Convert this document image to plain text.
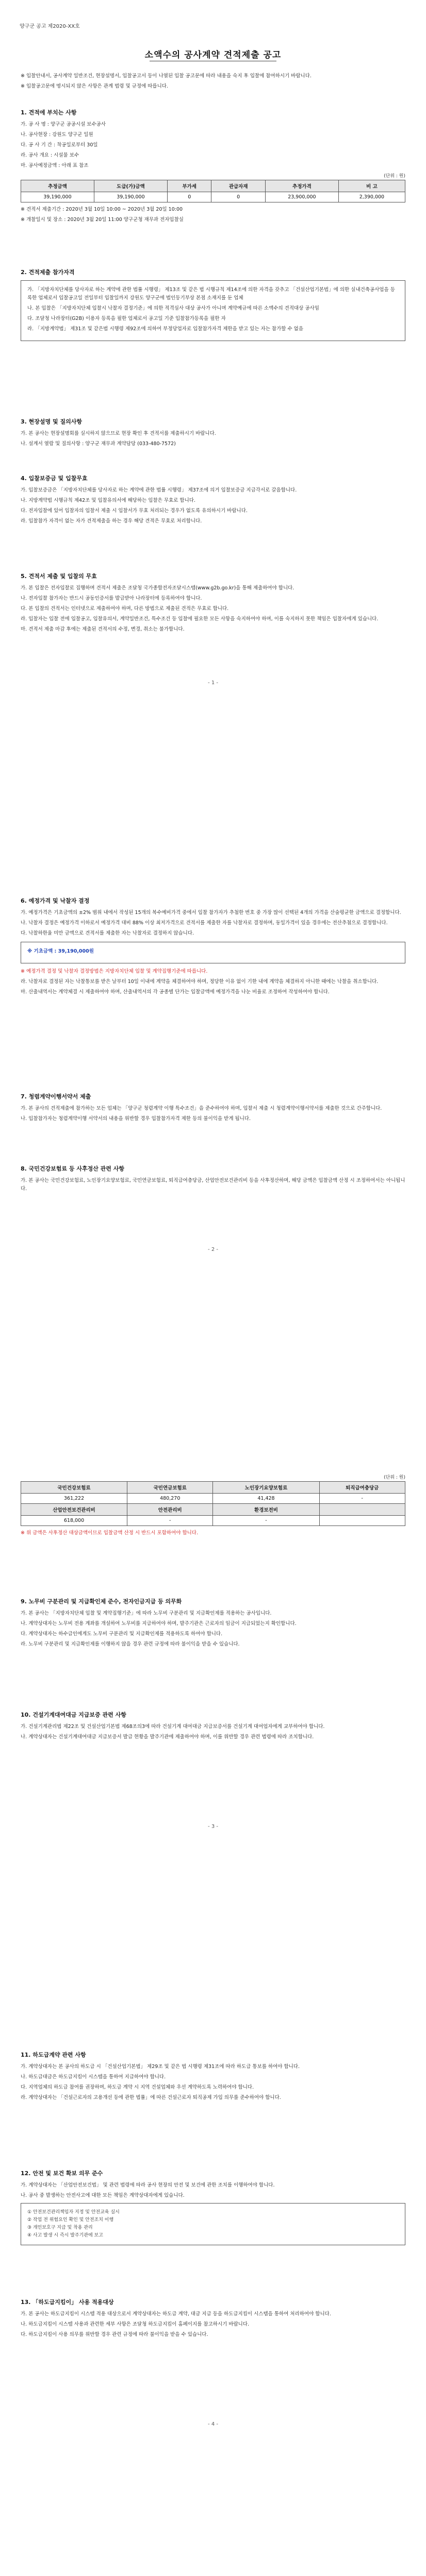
양구군 공고 제2020-XX호
소액수의 공사계약 견적제출 공고
※ 입찰안내서, 공사계약 일반조건, 현장설명서, 입찰공고서 등이 나열된 입찰 공고문에 따라 내용을 숙지 후 입찰에 참여하시기 바랍니다.
※ 입찰공고문에 명시되지 않은 사항은 관계 법령 및 규정에 따릅니다.
1. 견적에 부치는 사항
가. 공 사 명 : 양구군 공공시설 보수공사
나. 공사현장 : 강원도 양구군 일원
다. 공 사 기 간 : 착공일로부터 30일
라. 공사 개요 : 시설물 보수
마. 공사예정금액 : 아래 표 참조
(단위 : 원)
추정금액	도급(가)금액	부가세	관급자재	추정가격	비 고
39,190,000	39,190,000	0	0	23,900,000	2,390,000
※ 견적서 제출기간 : 2020년 3월 10일 10:00 ~ 2020년 3월 20일 10:00
※ 개찰일시 및 장소 : 2020년 3월 20일 11:00 양구군청 재무과 전자입찰실
2. 견적제출 참가자격
가. 「지방자치단체를 당사자로 하는 계약에 관한 법률 시행령」 제13조 및 같은 법 시행규칙 제14조에 의한 자격을 갖추고 「건설산업기본법」에 의한 실내건축공사업을 등록한 업체로서 입찰공고일 전일부터 입찰일까지 강원도 양구군에 법인등기부상 본점 소재지를 둔 업체
나. 본 입찰은 「지방자치단체 입찰시 낙찰자 결정기준」에 의한 적격심사 대상 공사가 아니며 계약예규에 따른 소액수의 견적대상 공사임
다. 조달청 나라장터(G2B) 이용자 등록을 필한 업체로서 공고일 기준 입찰참가등록을 필한 자
라. 「지방계약법」 제31조 및 같은법 시행령 제92조에 의하여 부정당업자로 입찰참가자격 제한을 받고 있는 자는 참가할 수 없음
3. 현장설명 및 질의사항
가. 본 공사는 현장설명회를 실시하지 않으므로 현장 확인 후 견적서를 제출하시기 바랍니다.
나. 설계서 열람 및 질의사항 : 양구군 재무과 계약담당 (033-480-7572)
4. 입찰보증금 및 입찰무효
가. 입찰보증금은 「지방자치단체를 당사자로 하는 계약에 관한 법률 시행령」 제37조에 의거 입찰보증금 지급각서로 갈음합니다.
나. 지방계약법 시행규칙 제42조 및 입찰유의서에 해당하는 입찰은 무효로 합니다.
다. 전자입찰에 있어 입찰자의 입찰서 제출 시 입찰서가 무효 처리되는 경우가 없도록 유의하시기 바랍니다.
라. 입찰참가 자격이 없는 자가 견적제출을 하는 경우 해당 견적은 무효로 처리합니다.
5. 견적서 제출 및 입찰의 무효
가. 본 입찰은 전자입찰로 집행하며 견적서 제출은 조달청 국가종합전자조달시스템(www.g2b.go.kr)을 통해 제출하여야 합니다.
나. 전자입찰 참가자는 반드시 공동인증서를 발급받아 나라장터에 등록하여야 합니다.
다. 본 입찰의 견적서는 인터넷으로 제출하여야 하며, 다른 방법으로 제출된 견적은 무효로 합니다.
라. 입찰자는 입찰 전에 입찰공고, 입찰유의서, 계약일반조건, 특수조건 등 입찰에 필요한 모든 사항을 숙지하여야 하며, 이를 숙지하지 못한 책임은 입찰자에게 있습니다.
마. 견적서 제출 마감 후에는 제출된 견적서의 수정, 변경, 취소는 불가합니다.
- 1 -
6. 예정가격 및 낙찰자 결정
가. 예정가격은 기초금액의 ±2% 범위 내에서 작성된 15개의 복수예비가격 중에서 입찰 참가자가 추첨한 번호 중 가장 많이 선택된 4개의 가격을 산술평균한 금액으로 결정합니다.
나. 낙찰자 결정은 예정가격 이하로서 예정가격 대비 88% 이상 최저가격으로 견적서를 제출한 자를 낙찰자로 결정하며, 동일가격이 있을 경우에는 전산추첨으로 결정합니다.
다. 낙찰하한율 미만 금액으로 견적서를 제출한 자는 낙찰자로 결정하지 않습니다.
※ 기초금액 : 39,190,000원
※ 예정가격 결정 및 낙찰자 결정방법은 지방자치단체 입찰 및 계약집행기준에 따릅니다.
라. 낙찰자로 결정된 자는 낙찰통보를 받은 날부터 10일 이내에 계약을 체결하여야 하며, 정당한 이유 없이 기한 내에 계약을 체결하지 아니한 때에는 낙찰을 취소합니다.
마. 산출내역서는 계약체결 시 제출하여야 하며, 산출내역서의 각 공종별 단가는 입찰금액에 예정가격을 나눈 비율로 조정하여 작성하여야 합니다.
7. 청렴계약이행서약서 제출
가. 본 공사의 견적제출에 참가하는 모든 업체는 「양구군 청렴계약 이행 특수조건」을 준수하여야 하며, 입찰서 제출 시 청렴계약이행서약서를 제출한 것으로 간주합니다.
나. 입찰참가자는 청렴계약이행 서약서의 내용을 위반할 경우 입찰참가자격 제한 등의 불이익을 받게 됩니다.
8. 국민건강보험료 등 사후정산 관련 사항
가. 본 공사는 국민건강보험료, 노인장기요양보험료, 국민연금보험료, 퇴직급여충당금, 산업안전보건관리비 등을 사후정산하며, 해당 금액은 입찰금액 산정 시 조정하여서는 아니됩니다.
- 2 -
(단위 : 원)
국민건강보험료	국민연금보험료	노인장기요양보험료	퇴직급여충당금
361,222	480,270	41,428	-
산업안전보건관리비	안전관리비	환경보전비	
618,000	-	-	
※ 위 금액은 사후정산 대상금액이므로 입찰금액 산정 시 반드시 포함하여야 합니다.
9. 노무비 구분관리 및 지급확인제 준수, 전자인금지급 등 의무화
가. 본 공사는 「지방자치단체 입찰 및 계약집행기준」에 따라 노무비 구분관리 및 지급확인제를 적용하는 공사입니다.
나. 계약상대자는 노무비 전용 계좌를 개설하여 노무비를 지급하여야 하며, 발주기관은 근로자의 임금이 지급되었는지 확인합니다.
다. 계약상대자는 하수급인에게도 노무비 구분관리 및 지급확인제를 적용하도록 하여야 합니다.
라. 노무비 구분관리 및 지급확인제를 이행하지 않을 경우 관련 규정에 따라 불이익을 받을 수 있습니다.
10. 건설기계대여대금 지급보증 관련 사항
가. 건설기계관리법 제22조 및 건설산업기본법 제68조의3에 따라 건설기계 대여대금 지급보증서를 건설기계 대여업자에게 교부하여야 합니다.
나. 계약상대자는 건설기계대여대금 지급보증서 발급 현황을 발주기관에 제출하여야 하며, 이를 위반할 경우 관련 법령에 따라 조치합니다.
- 3 -
11. 하도급계약 관련 사항
가. 계약상대자는 본 공사의 하도급 시 「건설산업기본법」 제29조 및 같은 법 시행령 제31조에 따라 하도급 통보를 하여야 합니다.
나. 하도급대금은 하도급지킴이 시스템을 통하여 지급하여야 합니다.
다. 지역업체의 하도급 참여를 권장하며, 하도급 계약 시 지역 건설업체와 우선 계약하도록 노력하여야 합니다.
라. 계약상대자는 「건설근로자의 고용개선 등에 관한 법률」에 따른 건설근로자 퇴직공제 가입 의무를 준수하여야 합니다.
12. 안전 및 보건 확보 의무 준수
가. 계약상대자는 「산업안전보건법」 및 관련 법령에 따라 공사 현장의 안전 및 보건에 관한 조치를 이행하여야 합니다.
나. 공사 중 발생하는 안전사고에 대한 모든 책임은 계약상대자에게 있습니다.
① 안전보건관리책임자 지정 및 안전교육 실시
② 작업 전 위험요인 확인 및 안전조치 이행
③ 개인보호구 지급 및 착용 관리
④ 사고 발생 시 즉시 발주기관에 보고
13. 「하도급지킴이」 사용 적용대상
가. 본 공사는 하도급지킴이 시스템 적용 대상으로서 계약상대자는 하도급 계약, 대금 지급 등을 하도급지킴이 시스템을 통하여 처리하여야 합니다.
나. 하도급지킴이 시스템 사용과 관련한 세부 사항은 조달청 하도급지킴이 홈페이지를 참고하시기 바랍니다.
다. 하도급지킴이 사용 의무를 위반할 경우 관련 규정에 따라 불이익을 받을 수 있습니다.
- 4 -
